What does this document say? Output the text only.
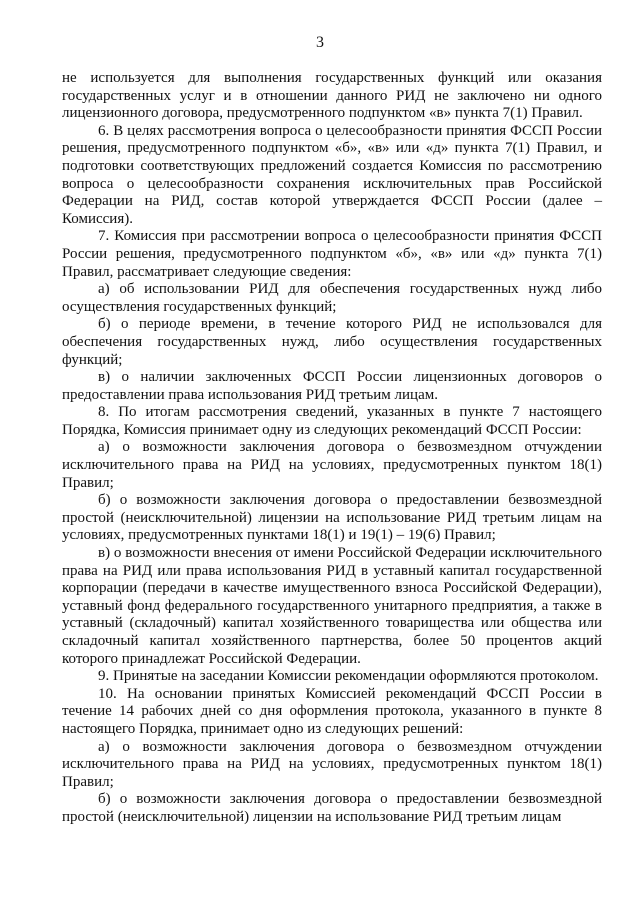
3

не используется для выполнения государственных функций или оказания государственных услуг и в отношении данного РИД не заключено ни одного лицензионного договора, предусмотренного подпунктом «в» пункта 7(1) Правил.

6. В целях рассмотрения вопроса о целесообразности принятия ФССП России решения, предусмотренного подпунктом «б», «в» или «д» пункта 7(1) Правил, и подготовки соответствующих предложений создается Комиссия по рассмотрению вопроса о целесообразности сохранения исключительных прав Российской Федерации на РИД, состав которой утверждается ФССП России (далее – Комиссия).

7. Комиссия при рассмотрении вопроса о целесообразности принятия ФССП России решения, предусмотренного подпунктом «б», «в» или «д» пункта 7(1) Правил, рассматривает следующие сведения:

а) об использовании РИД для обеспечения государственных нужд либо осуществления государственных функций;

б) о периоде времени, в течение которого РИД не использовался для обеспечения государственных нужд, либо осуществления государственных функций;

в) о наличии заключенных ФССП России лицензионных договоров о предоставлении права использования РИД третьим лицам.

8. По итогам рассмотрения сведений, указанных в пункте 7 настоящего Порядка, Комиссия принимает одну из следующих рекомендаций ФССП России:

а) о возможности заключения договора о безвозмездном отчуждении исключительного права на РИД на условиях, предусмотренных пунктом 18(1) Правил;

б) о возможности заключения договора о предоставлении безвозмездной простой (неисключительной) лицензии на использование РИД третьим лицам на условиях, предусмотренных пунктами 18(1) и 19(1) – 19(6) Правил;

в) о возможности внесения от имени Российской Федерации исключительного права на РИД или права использования РИД в уставный капитал государственной корпорации (передачи в качестве имущественного взноса Российской Федерации), уставный фонд федерального государственного унитарного предприятия, а также в уставный (складочный) капитал хозяйственного товарищества или общества или складочный капитал хозяйственного партнерства, более 50 процентов акций которого принадлежат Российской Федерации.

9. Принятые на заседании Комиссии рекомендации оформляются протоколом.

10. На основании принятых Комиссией рекомендаций ФССП России в течение 14 рабочих дней со дня оформления протокола, указанного в пункте 8 настоящего Порядка, принимает одно из следующих решений:

а) о возможности заключения договора о безвозмездном отчуждении исключительного права на РИД на условиях, предусмотренных пунктом 18(1) Правил;

б) о возможности заключения договора о предоставлении безвозмездной простой (неисключительной) лицензии на использование РИД третьим лицам
